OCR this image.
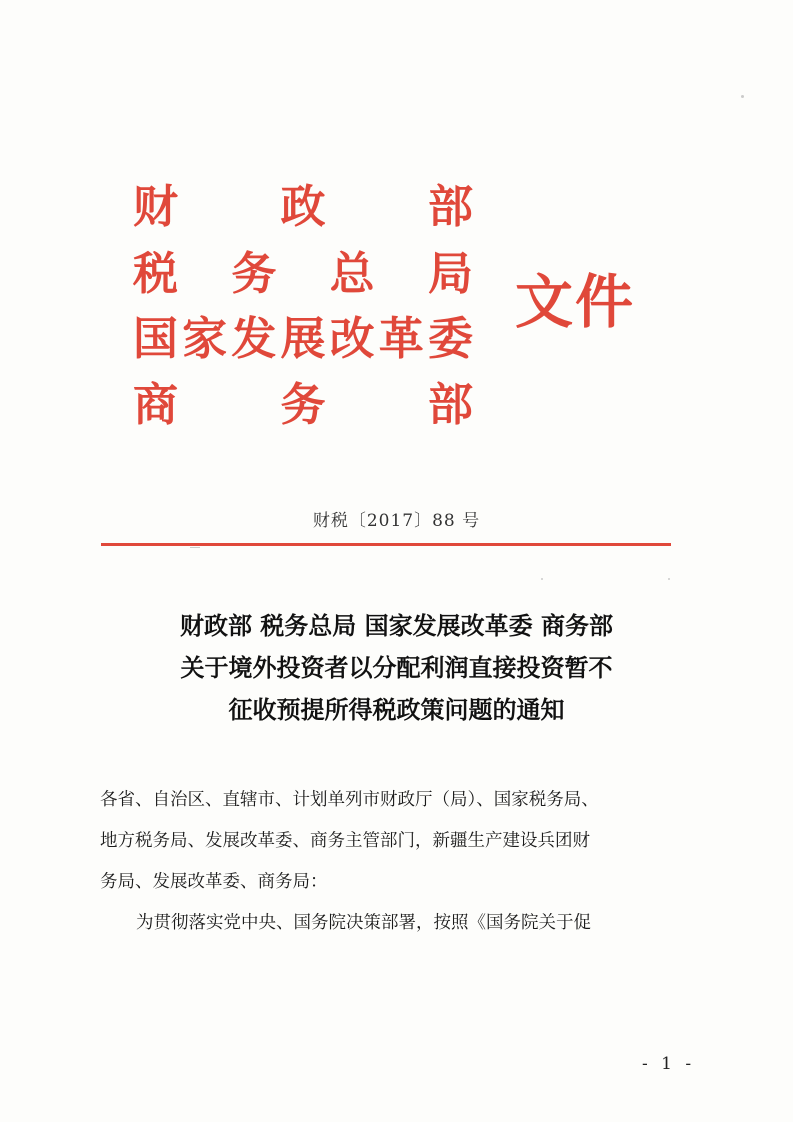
财 政 部
税 务 总 局
国 家 发 展 改 革 委
商 务 部
文件
财税〔2017〕88 号
财政部 税务总局 国家发展改革委 商务部
关于境外投资者以分配利润直接投资暂不
征收预提所得税政策问题的通知

各省、自治区、直辖市、计划单列市财政厅（局）、国家税务局、

地方税务局、发展改革委、商务主管部门，新疆生产建设兵团财

务局、发展改革委、商务局：

为贯彻落实党中央、国务院决策部署，按照《国务院关于促

- 1 -
